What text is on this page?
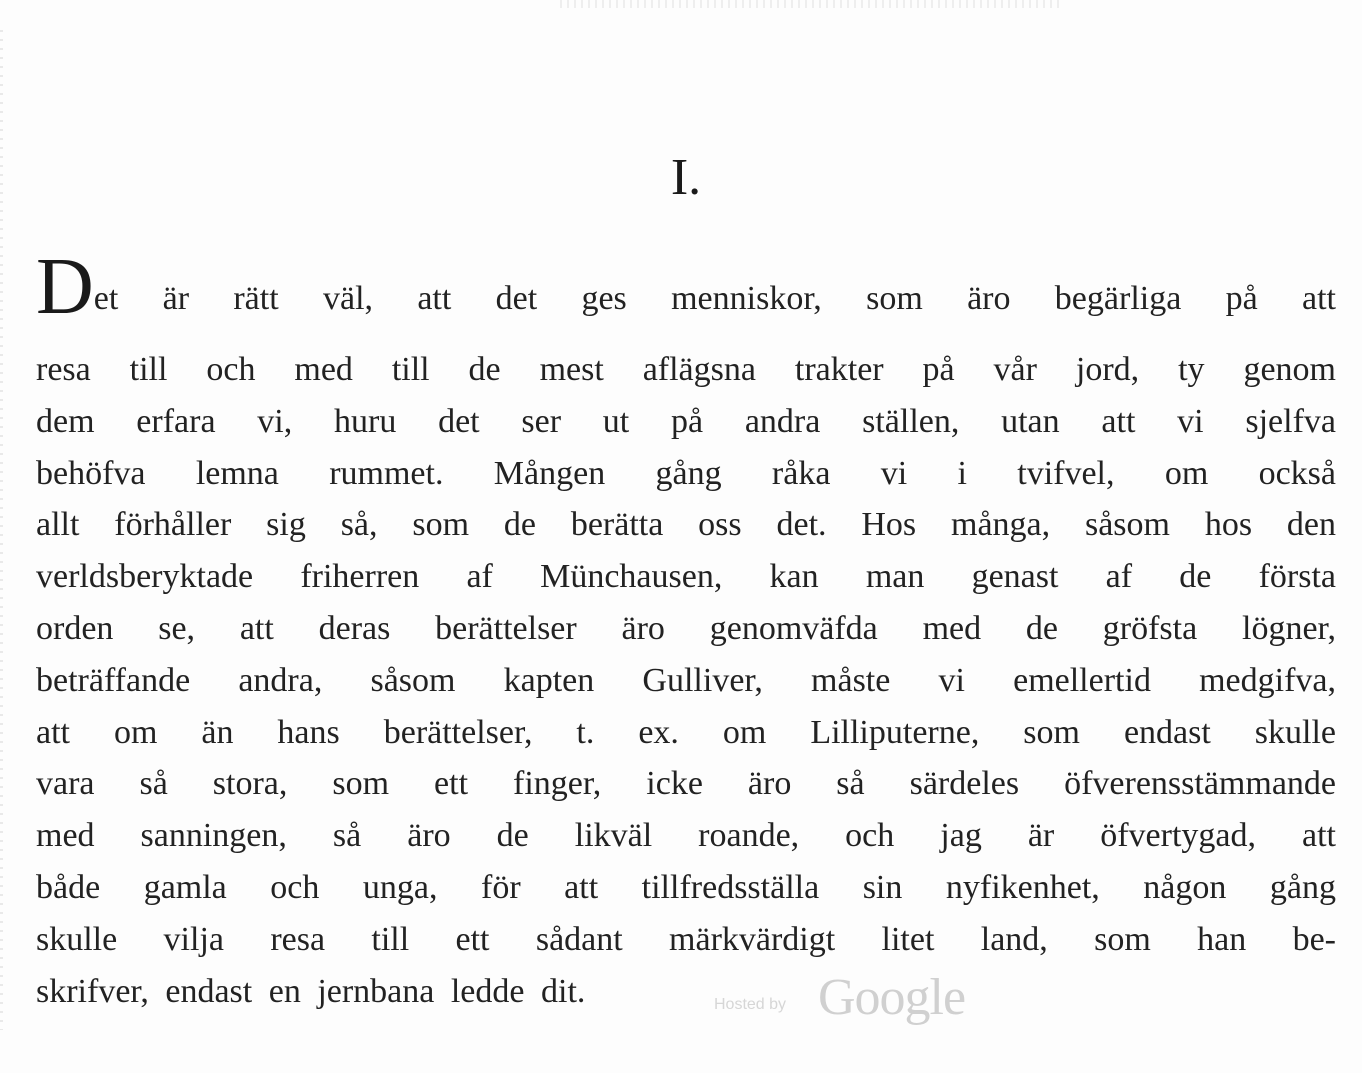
I.
Det är rätt väl, att det ges menniskor, som äro begärliga på att
resa till och med till de mest aflägsna trakter på vår jord, ty genom
dem erfara vi, huru det ser ut på andra ställen, utan att vi sjelfva
behöfva lemna rummet. Mången gång råka vi i tvifvel, om också
allt förhåller sig så, som de berätta oss det. Hos många, såsom hos den
verldsberyktade friherren af Münchausen, kan man genast af de första
orden se, att deras berättelser äro genomväfda med de gröfsta lögner,
beträffande andra, såsom kapten Gulliver, måste vi emellertid medgifva,
att om än hans berättelser, t. ex. om Lilliputerne, som endast skulle
vara så stora, som ett finger, icke äro så särdeles öfverensstämmande
med sanningen, så äro de likväl roande, och jag är öfvertygad, att
både gamla och unga, för att tillfredsställa sin nyfikenhet, någon gång
skulle vilja resa till ett sådant märkvärdigt litet land, som han be-
skrifver, endast en jernbana ledde dit.	Hosted by Google
